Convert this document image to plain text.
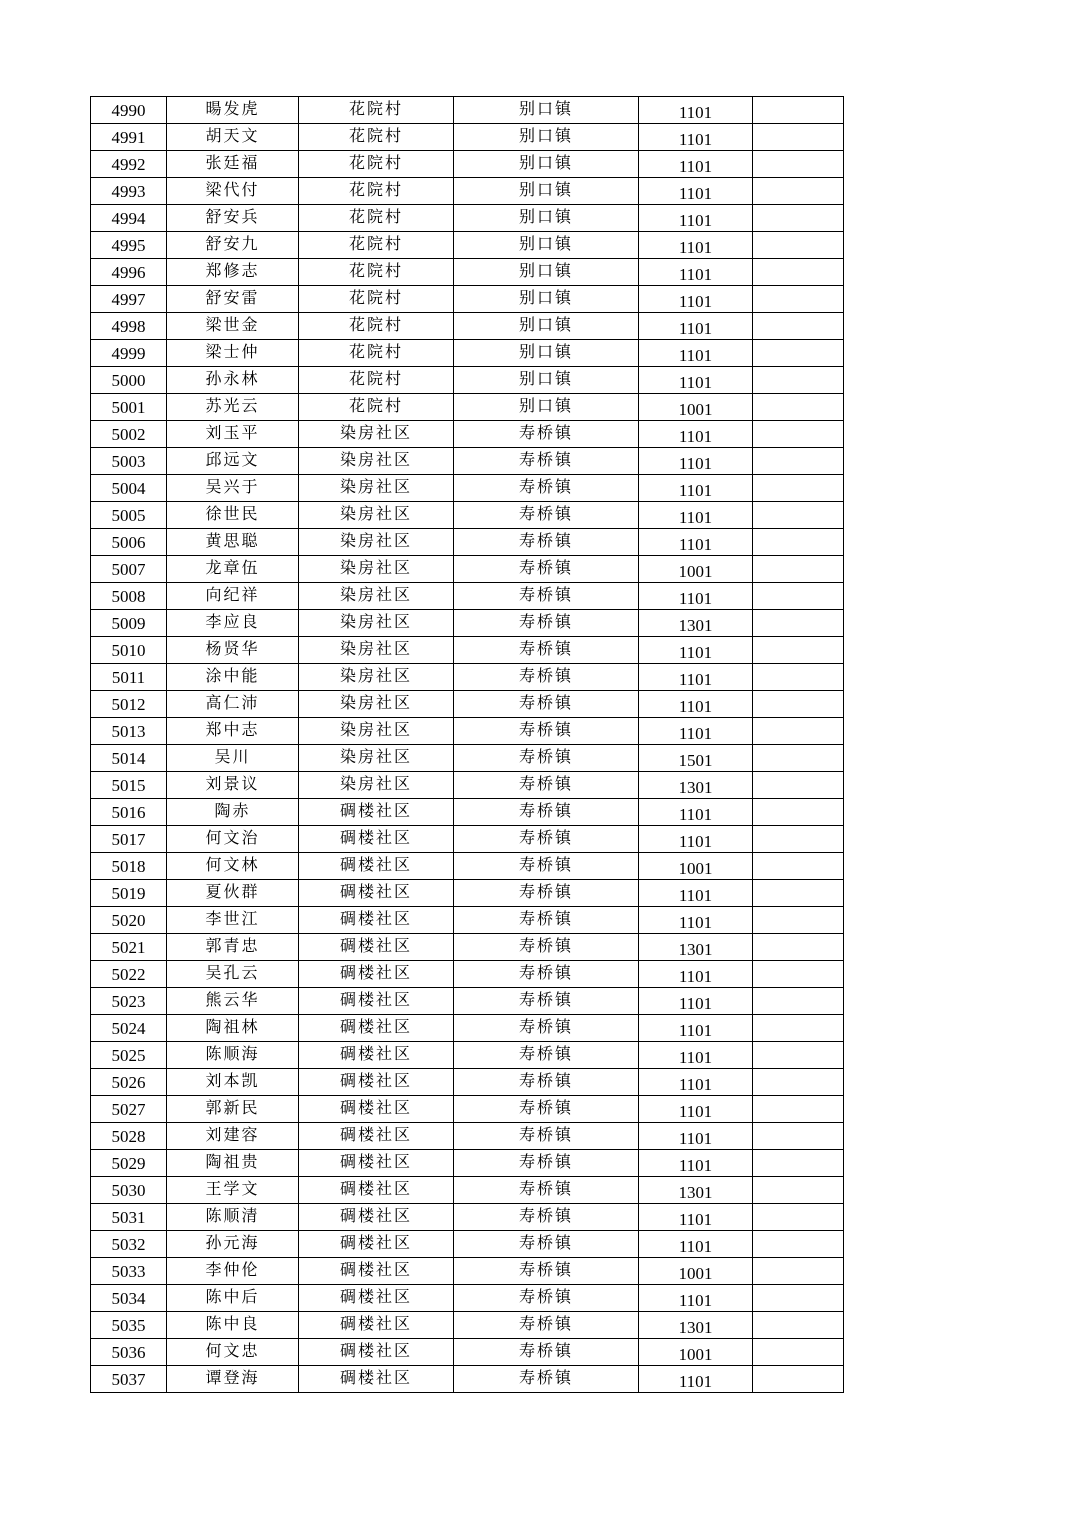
4990	暘发虎	花院村	别口镇	1101	
4991	胡天文	花院村	别口镇	1101	
4992	张廷福	花院村	别口镇	1101	
4993	梁代付	花院村	别口镇	1101	
4994	舒安兵	花院村	别口镇	1101	
4995	舒安九	花院村	别口镇	1101	
4996	郑修志	花院村	别口镇	1101	
4997	舒安雷	花院村	别口镇	1101	
4998	梁世金	花院村	别口镇	1101	
4999	梁士仲	花院村	别口镇	1101	
5000	孙永林	花院村	别口镇	1101	
5001	苏光云	花院村	别口镇	1001	
5002	刘玉平	染房社区	寿桥镇	1101	
5003	邱远文	染房社区	寿桥镇	1101	
5004	吴兴于	染房社区	寿桥镇	1101	
5005	徐世民	染房社区	寿桥镇	1101	
5006	黄思聪	染房社区	寿桥镇	1101	
5007	龙章伍	染房社区	寿桥镇	1001	
5008	向纪祥	染房社区	寿桥镇	1101	
5009	李应良	染房社区	寿桥镇	1301	
5010	杨贤华	染房社区	寿桥镇	1101	
5011	涂中能	染房社区	寿桥镇	1101	
5012	高仁沛	染房社区	寿桥镇	1101	
5013	郑中志	染房社区	寿桥镇	1101	
5014	吴川	染房社区	寿桥镇	1501	
5015	刘景议	染房社区	寿桥镇	1301	
5016	陶赤	碉楼社区	寿桥镇	1101	
5017	何文治	碉楼社区	寿桥镇	1101	
5018	何文林	碉楼社区	寿桥镇	1001	
5019	夏伙群	碉楼社区	寿桥镇	1101	
5020	李世江	碉楼社区	寿桥镇	1101	
5021	郭青忠	碉楼社区	寿桥镇	1301	
5022	吴孔云	碉楼社区	寿桥镇	1101	
5023	熊云华	碉楼社区	寿桥镇	1101	
5024	陶祖林	碉楼社区	寿桥镇	1101	
5025	陈顺海	碉楼社区	寿桥镇	1101	
5026	刘本凯	碉楼社区	寿桥镇	1101	
5027	郭新民	碉楼社区	寿桥镇	1101	
5028	刘建容	碉楼社区	寿桥镇	1101	
5029	陶祖贵	碉楼社区	寿桥镇	1101	
5030	王学文	碉楼社区	寿桥镇	1301	
5031	陈顺清	碉楼社区	寿桥镇	1101	
5032	孙元海	碉楼社区	寿桥镇	1101	
5033	李仲伦	碉楼社区	寿桥镇	1001	
5034	陈中后	碉楼社区	寿桥镇	1101	
5035	陈中良	碉楼社区	寿桥镇	1301	
5036	何文忠	碉楼社区	寿桥镇	1001	
5037	谭登海	碉楼社区	寿桥镇	1101	
